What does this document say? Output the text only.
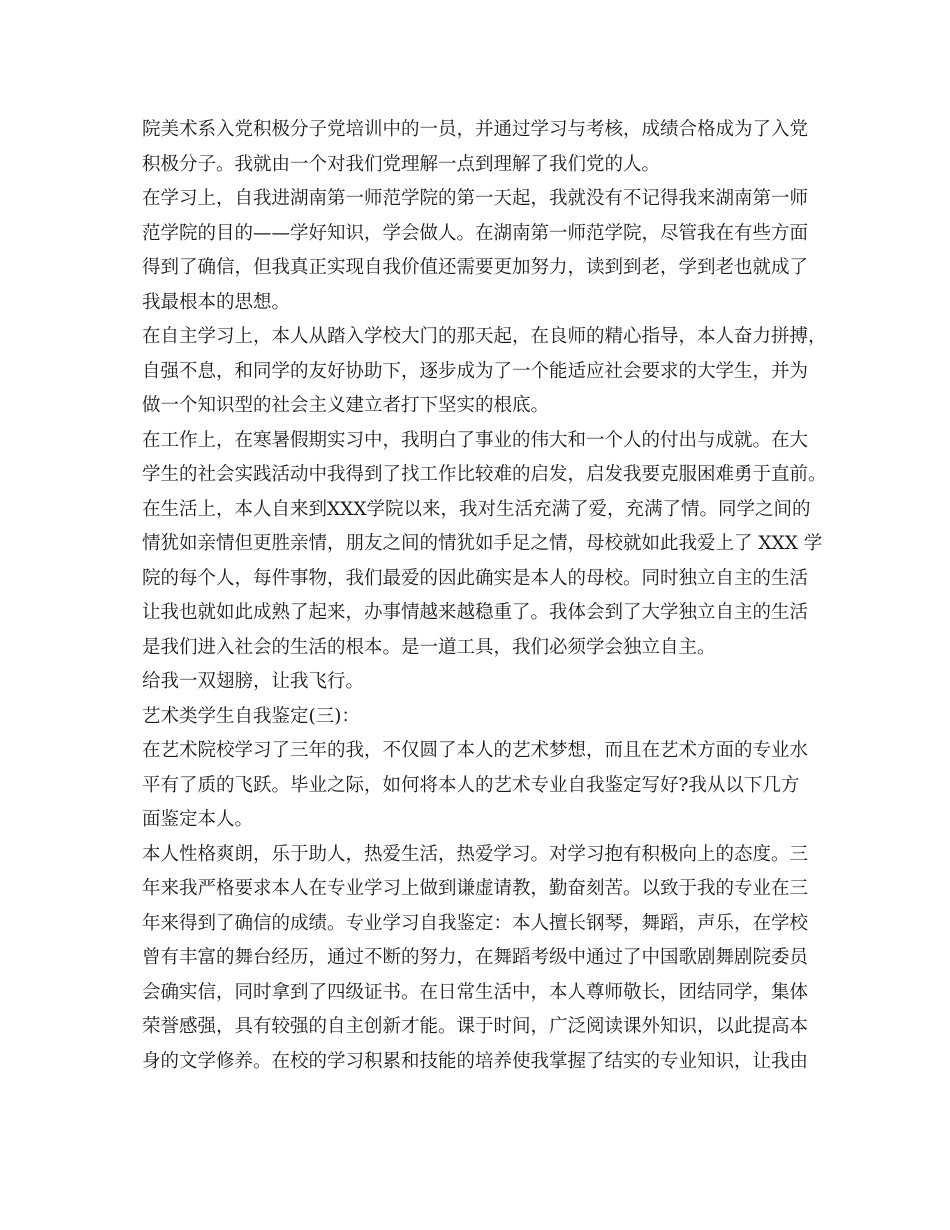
院美术系入党积极分子党培训中的一员，并通过学习与考核，成绩合格成为了入党
积极分子。我就由一个对我们党理解一点到理解了我们党的人。
在学习上，自我进湖南第一师范学院的第一天起，我就没有不记得我来湖南第一师
范学院的目的——学好知识，学会做人。在湖南第一师范学院，尽管我在有些方面
得到了确信，但我真正实现自我价值还需要更加努力，读到到老，学到老也就成了
我最根本的思想。
在自主学习上，本人从踏入学校大门的那天起，在良师的精心指导，本人奋力拼搏，
自强不息，和同学的友好协助下，逐步成为了一个能适应社会要求的大学生，并为
做一个知识型的社会主义建立者打下坚实的根底。
在工作上，在寒暑假期实习中，我明白了事业的伟大和一个人的付出与成就。在大
学生的社会实践活动中我得到了找工作比较难的启发，启发我要克服困难勇于直前。
在生活上，本人自来到XXX学院以来，我对生活充满了爱，充满了情。同学之间的
情犹如亲情但更胜亲情，朋友之间的情犹如手足之情，母校就如此我爱上了 XXX 学
院的每个人，每件事物，我们最爱的因此确实是本人的母校。同时独立自主的生活
让我也就如此成熟了起来，办事情越来越稳重了。我体会到了大学独立自主的生活
是我们进入社会的生活的根本。是一道工具，我们必须学会独立自主。
给我一双翅膀，让我飞行。
艺术类学生自我鉴定(三)：
在艺术院校学习了三年的我，不仅圆了本人的艺术梦想，而且在艺术方面的专业水
平有了质的飞跃。毕业之际，如何将本人的艺术专业自我鉴定写好?我从以下几方
面鉴定本人。
本人性格爽朗，乐于助人，热爱生活，热爱学习。对学习抱有积极向上的态度。三
年来我严格要求本人在专业学习上做到谦虚请教，勤奋刻苦。以致于我的专业在三
年来得到了确信的成绩。专业学习自我鉴定：本人擅长钢琴，舞蹈，声乐，在学校
曾有丰富的舞台经历，通过不断的努力，在舞蹈考级中通过了中国歌剧舞剧院委员
会确实信，同时拿到了四级证书。在日常生活中，本人尊师敬长，团结同学，集体
荣誉感强，具有较强的自主创新才能。课于时间，广泛阅读课外知识，以此提高本
身的文学修养。在校的学习积累和技能的培养使我掌握了结实的专业知识，让我由
